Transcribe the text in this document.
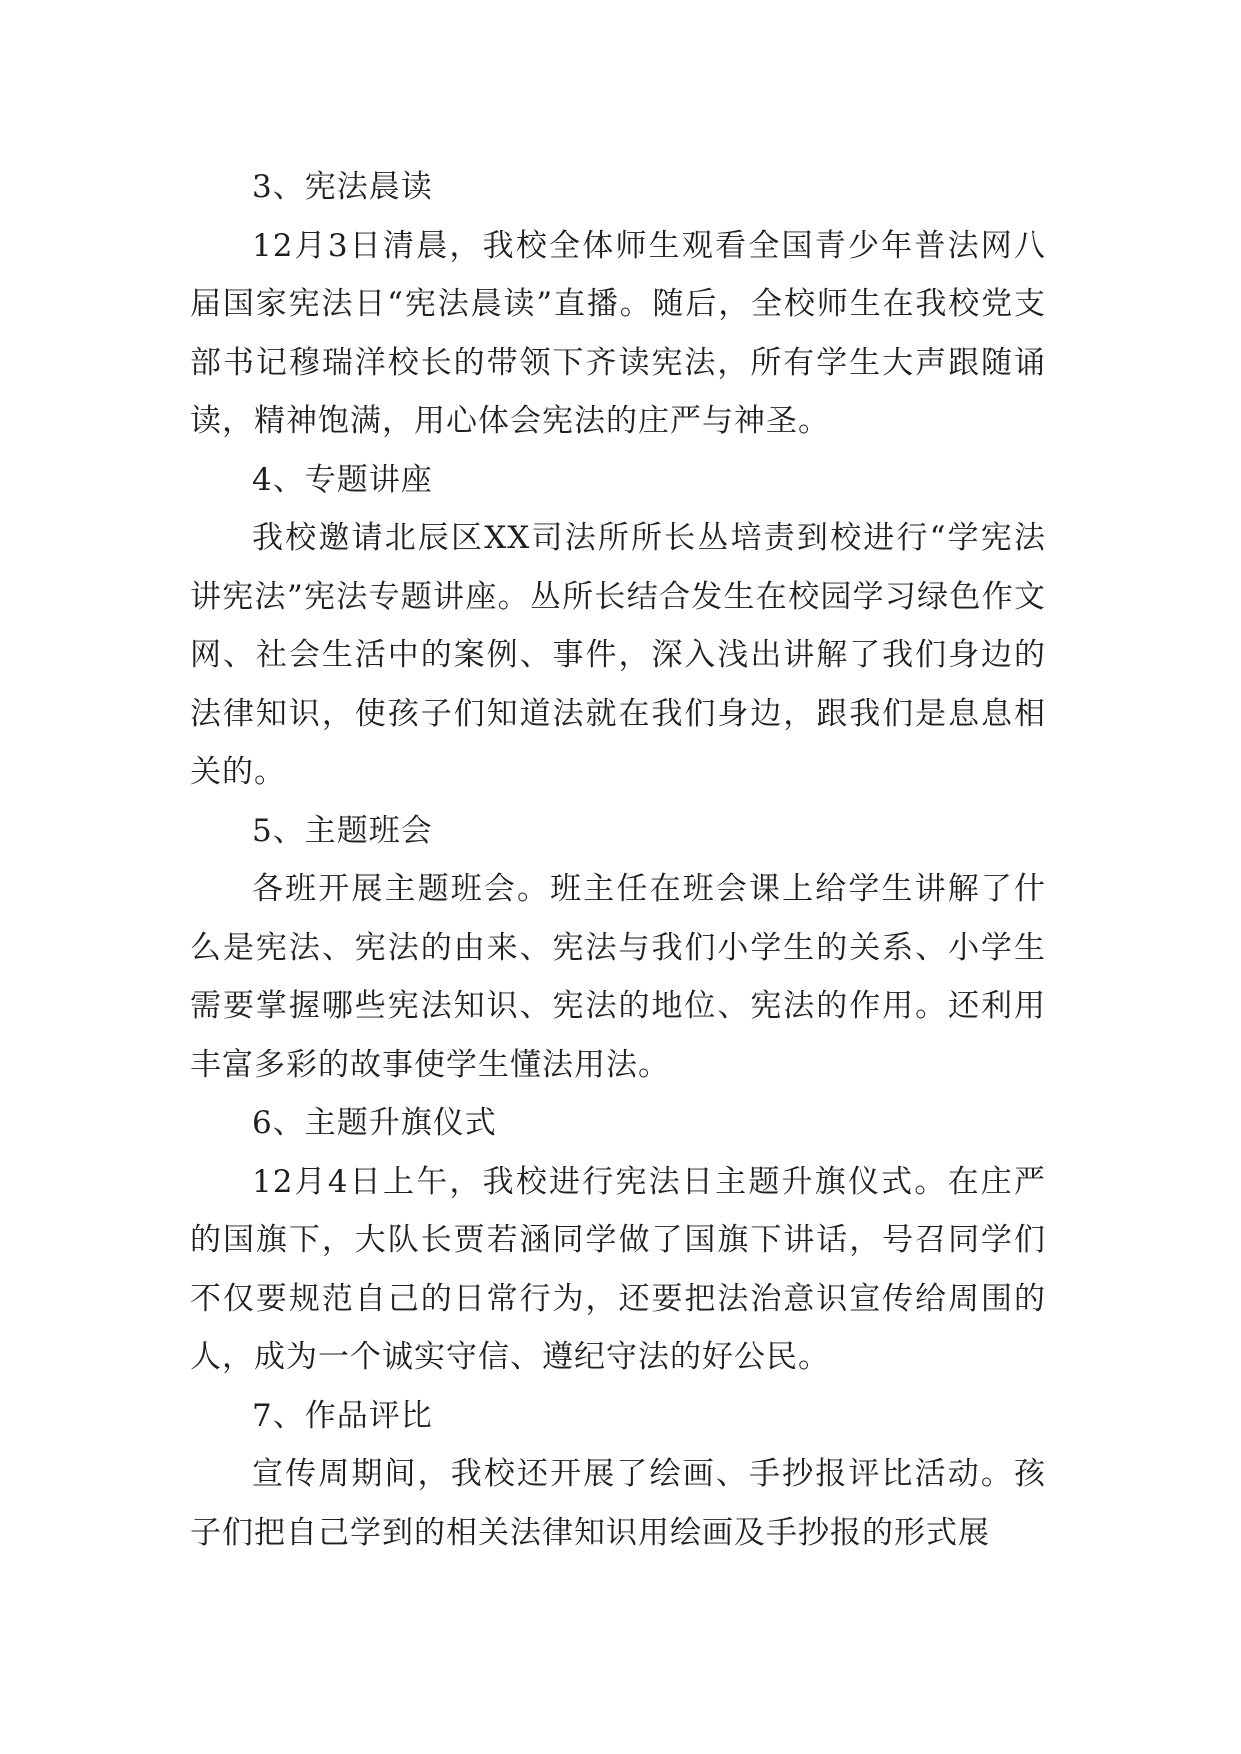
3、宪法晨读

12月3日清晨，我校全体师生观看全国青少年普法网八届国家宪法日“宪法晨读”直播。随后，全校师生在我校党支部书记穆瑞洋校长的带领下齐读宪法，所有学生大声跟随诵读，精神饱满，用心体会宪法的庄严与神圣。

4、专题讲座

我校邀请北辰区XX司法所所长丛培责到校进行“学宪法讲宪法”宪法专题讲座。丛所长结合发生在校园学习绿色作文网、社会生活中的案例、事件，深入浅出讲解了我们身边的法律知识，使孩子们知道法就在我们身边，跟我们是息息相关的。

5、主题班会

各班开展主题班会。班主任在班会课上给学生讲解了什么是宪法、宪法的由来、宪法与我们小学生的关系、小学生需要掌握哪些宪法知识、宪法的地位、宪法的作用。还利用丰富多彩的故事使学生懂法用法。

6、主题升旗仪式

12月4日上午，我校进行宪法日主题升旗仪式。在庄严的国旗下，大队长贾若涵同学做了国旗下讲话，号召同学们不仅要规范自己的日常行为，还要把法治意识宣传给周围的人，成为一个诚实守信、遵纪守法的好公民。

7、作品评比

宣传周期间，我校还开展了绘画、手抄报评比活动。孩子们把自己学到的相关法律知识用绘画及手抄报的形式展
